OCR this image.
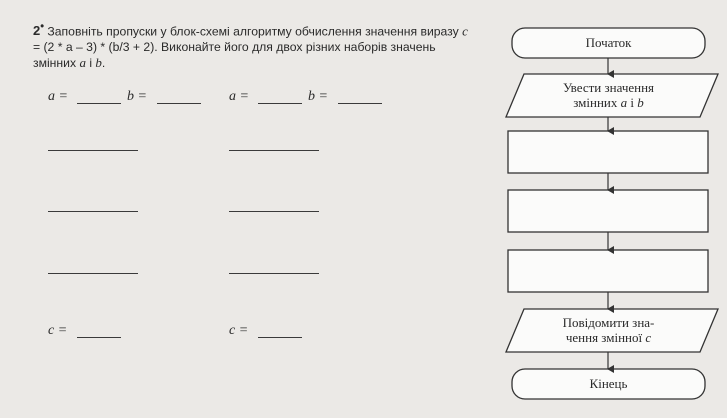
2• Заповніть пропуски у блок-схемі алгоритму обчислення значення виразу c = (2 * a – 3) * (b/3 + 2). Виконайте його для двох різних наборів значень змінних a і b.
a =	b =
c =
a =	b =
c =
Початок
Увести значення
змінних a і b
Повідомити зна-
чення змінної c
Кінець
